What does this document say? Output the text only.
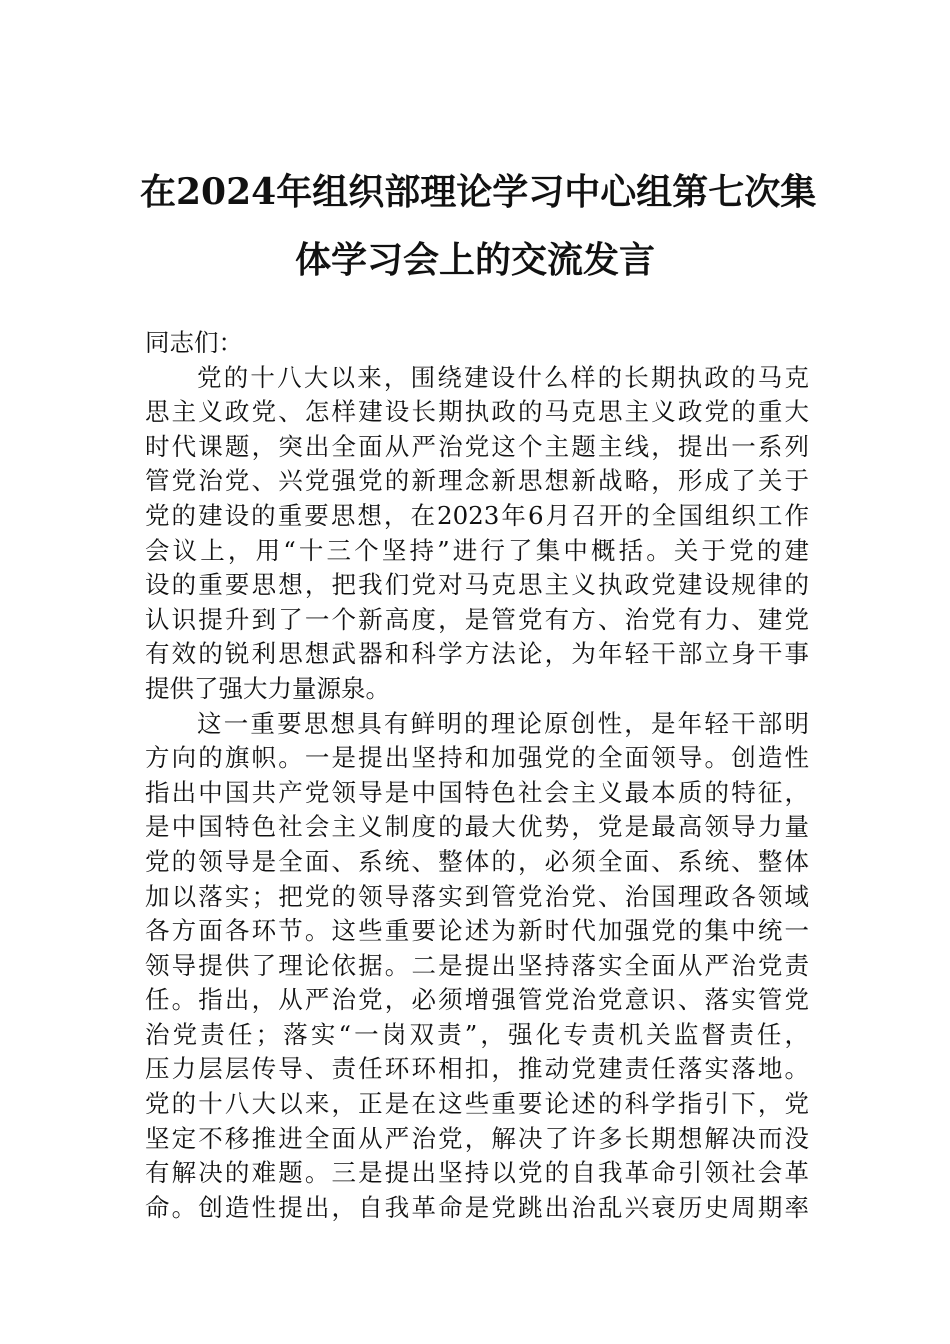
在2024年组织部理论学习中心组第七次集
体学习会上的交流发言
同志们：
党的十八大以来，围绕建设什么样的长期执政的马克
思主义政党、怎样建设长期执政的马克思主义政党的重大
时代课题，突出全面从严治党这个主题主线，提出一系列
管党治党、兴党强党的新理念新思想新战略，形成了关于
党的建设的重要思想，在2023年6月召开的全国组织工作
会议上，用“十三个坚持”进行了集中概括。关于党的建
设的重要思想，把我们党对马克思主义执政党建设规律的
认识提升到了一个新高度，是管党有方、治党有力、建党
有效的锐利思想武器和科学方法论，为年轻干部立身干事
提供了强大力量源泉。
这一重要思想具有鲜明的理论原创性，是年轻干部明
方向的旗帜。一是提出坚持和加强党的全面领导。创造性
指出中国共产党领导是中国特色社会主义最本质的特征，
是中国特色社会主义制度的最大优势，党是最高领导力量
党的领导是全面、系统、整体的，必须全面、系统、整体
加以落实；把党的领导落实到管党治党、治国理政各领域
各方面各环节。这些重要论述为新时代加强党的集中统一
领导提供了理论依据。二是提出坚持落实全面从严治党责
任。指出，从严治党，必须增强管党治党意识、落实管党
治党责任；落实“一岗双责”，强化专责机关监督责任，
压力层层传导、责任环环相扣，推动党建责任落实落地。
党的十八大以来，正是在这些重要论述的科学指引下，党
坚定不移推进全面从严治党，解决了许多长期想解决而没
有解决的难题。三是提出坚持以党的自我革命引领社会革
命。创造性提出，自我革命是党跳出治乱兴衰历史周期率
